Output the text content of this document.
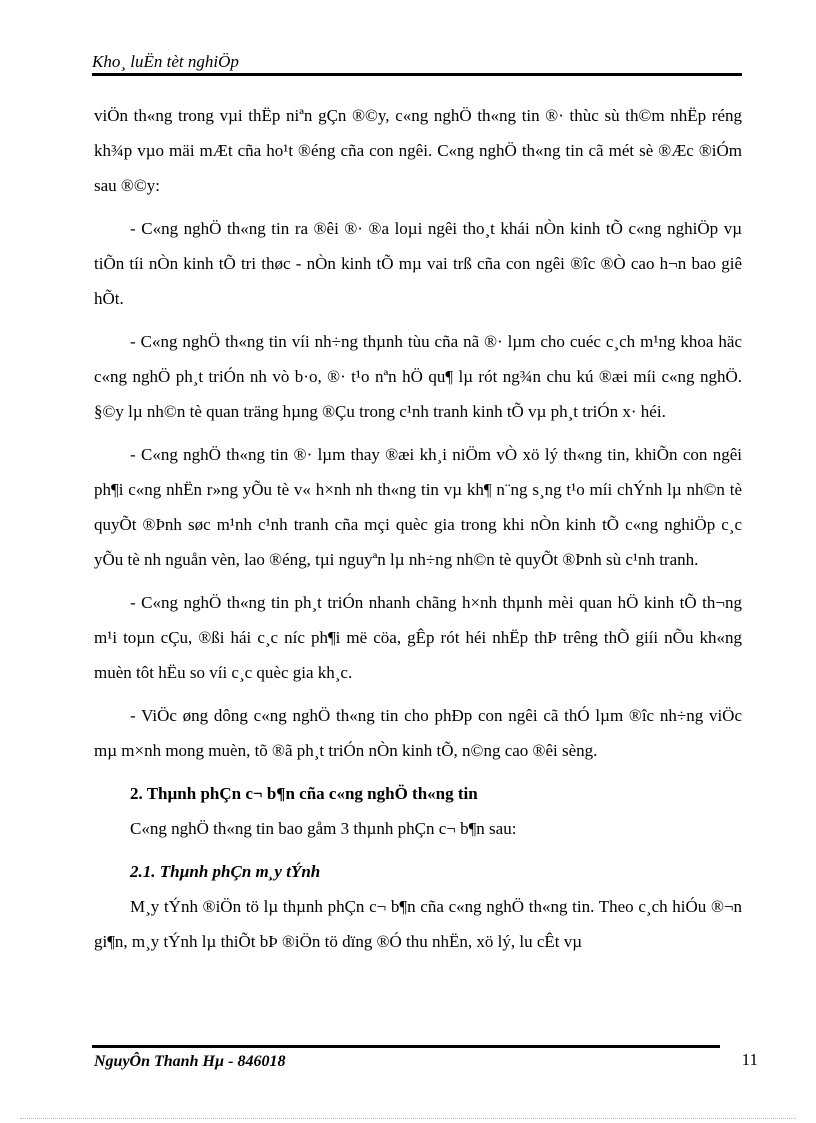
Kho¸ luËn tèt nghiÖp

viÖn th«ng trong vµi thËp niªn gÇn ®©y, c«ng nghÖ th«ng tin ®· thùc sù th©m nhËp réng kh¾p vµo mäi mÆt cña ho¹t ®éng cña con ngêi. C«ng nghÖ th«ng tin cã mét sè ®Æc ®iÓm sau ®©y:

- C«ng nghÖ th«ng tin ra ®êi ®· ®a loµi ngêi tho¸t khái nÒn kinh tÕ c«ng nghiÖp vµ tiÕn tíi nÒn kinh tÕ tri thøc - nÒn kinh tÕ mµ vai trß cña con ngêi ®îc ®Ò cao h¬n bao giê hÕt.

- C«ng nghÖ th«ng tin víi nh÷ng thµnh tùu cña nã ®· lµm cho cuéc c¸ch m¹ng khoa häc c«ng nghÖ ph¸t triÓn nh vò b·o, ®· t¹o nªn hÖ qu¶ lµ rót ng¾n chu kú ®æi míi c«ng nghÖ. §©y lµ nh©n tè quan träng hµng ®Çu trong c¹nh tranh kinh tÕ vµ ph¸t triÓn x· héi.

- C«ng nghÖ th«ng tin ®· lµm thay ®æi kh¸i niÖm vÒ xö lý th«ng tin, khiÕn con ngêi ph¶i c«ng nhËn r»ng yÕu tè v« h×nh nh th«ng tin vµ kh¶ n¨ng s¸ng t¹o míi chÝnh lµ nh©n tè quyÕt ®Þnh søc m¹nh c¹nh tranh cña mçi quèc gia trong khi nÒn kinh tÕ c«ng nghiÖp c¸c yÕu tè nh nguån vèn, lao ®éng, tµi nguyªn lµ nh÷ng nh©n tè quyÕt ®Þnh sù c¹nh tranh.

- C«ng nghÖ th«ng tin ph¸t triÓn nhanh chãng h×nh thµnh mèi quan hÖ kinh tÕ th¬ng m¹i toµn cÇu, ®ßi hái c¸c níc ph¶i më cöa, gÊp rót héi nhËp thÞ trêng thÕ giíi nÕu kh«ng muèn tôt hËu so víi c¸c quèc gia kh¸c.

- ViÖc øng dông c«ng nghÖ th«ng tin cho phÐp con ngêi cã thÓ lµm ®îc nh÷ng viÖc mµ m×nh mong muèn, tõ ®ã ph¸t triÓn nÒn kinh tÕ, n©ng cao ®êi sèng.

2. Thµnh phÇn c¬ b¶n cña c«ng nghÖ th«ng tin

C«ng nghÖ th«ng tin bao gåm 3 thµnh phÇn c¬ b¶n sau:

2.1. Thµnh phÇn m¸y tÝnh

M¸y tÝnh ®iÖn tö lµ thµnh phÇn c¬ b¶n cña c«ng nghÖ th«ng tin. Theo c¸ch hiÓu ®¬n gi¶n, m¸y tÝnh lµ thiÕt bÞ ®iÖn tö dïng ®Ó thu nhËn, xö lý, lu cÊt vµ

NguyÔn Thanh Hµ - 846018	11
